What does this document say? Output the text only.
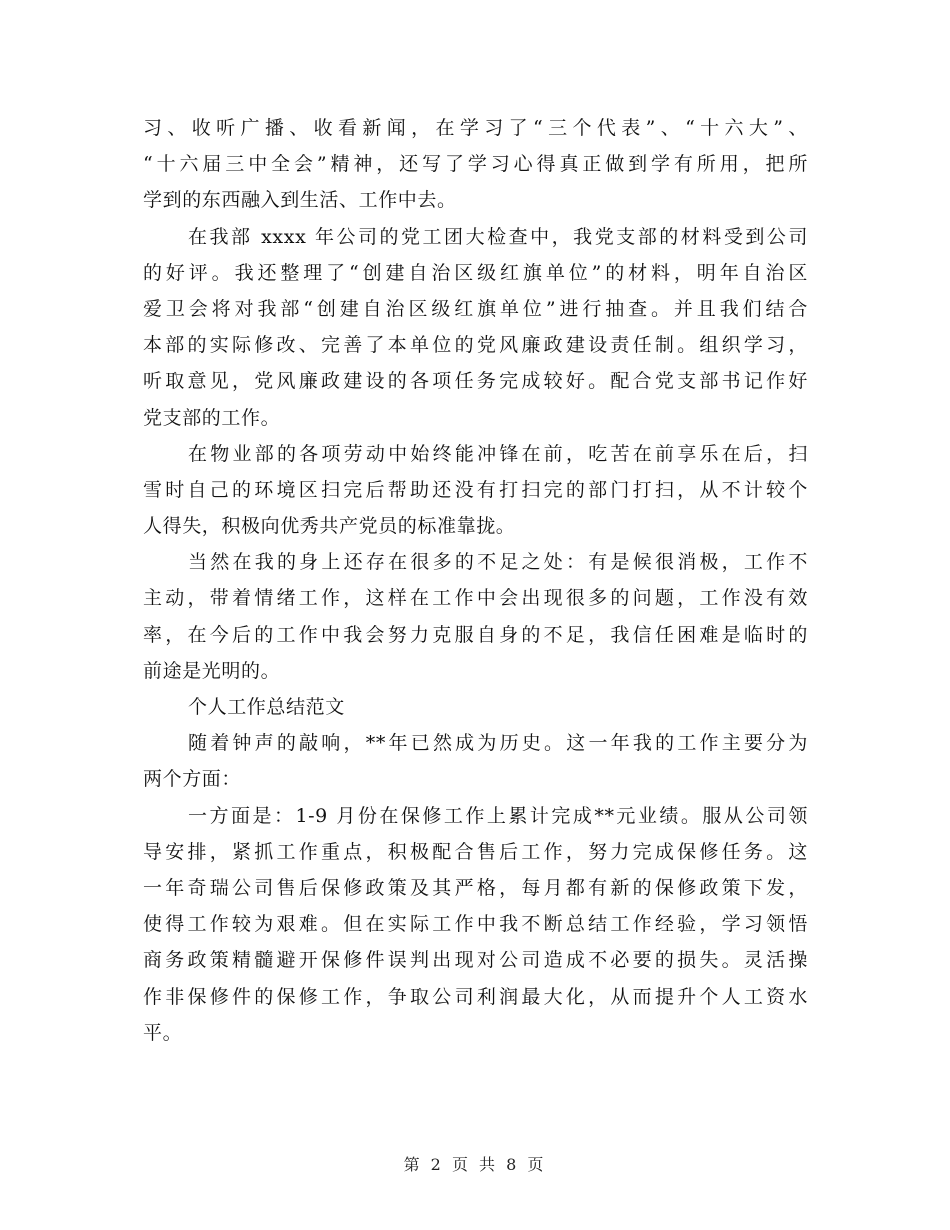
习、收听广播、收看新闻，在学习了“三个代表”、“十六大”、
“十六届三中全会”精神，还写了学习心得真正做到学有所用，把所
学到的东西融入到生活、工作中去。
在我部 xxxx 年公司的党工团大检查中，我党支部的材料受到公司
的好评。我还整理了“创建自治区级红旗单位”的材料，明年自治区
爱卫会将对我部“创建自治区级红旗单位”进行抽查。并且我们结合
本部的实际修改、完善了本单位的党风廉政建设责任制。组织学习，
听取意见，党风廉政建设的各项任务完成较好。配合党支部书记作好
党支部的工作。
在物业部的各项劳动中始终能冲锋在前，吃苦在前享乐在后，扫
雪时自己的环境区扫完后帮助还没有打扫完的部门打扫，从不计较个
人得失，积极向优秀共产党员的标准靠拢。
当然在我的身上还存在很多的不足之处：有是候很消极，工作不
主动，带着情绪工作，这样在工作中会出现很多的问题，工作没有效
率，在今后的工作中我会努力克服自身的不足，我信任困难是临时的
前途是光明的。
个人工作总结范文
随着钟声的敲响，**年已然成为历史。这一年我的工作主要分为
两个方面：
一方面是：1-9 月份在保修工作上累计完成**元业绩。服从公司领
导安排，紧抓工作重点，积极配合售后工作，努力完成保修任务。这
一年奇瑞公司售后保修政策及其严格，每月都有新的保修政策下发，
使得工作较为艰难。但在实际工作中我不断总结工作经验，学习领悟
商务政策精髓避开保修件误判出现对公司造成不必要的损失。灵活操
作非保修件的保修工作，争取公司利润最大化，从而提升个人工资水
平。
第 2 页 共 8 页
